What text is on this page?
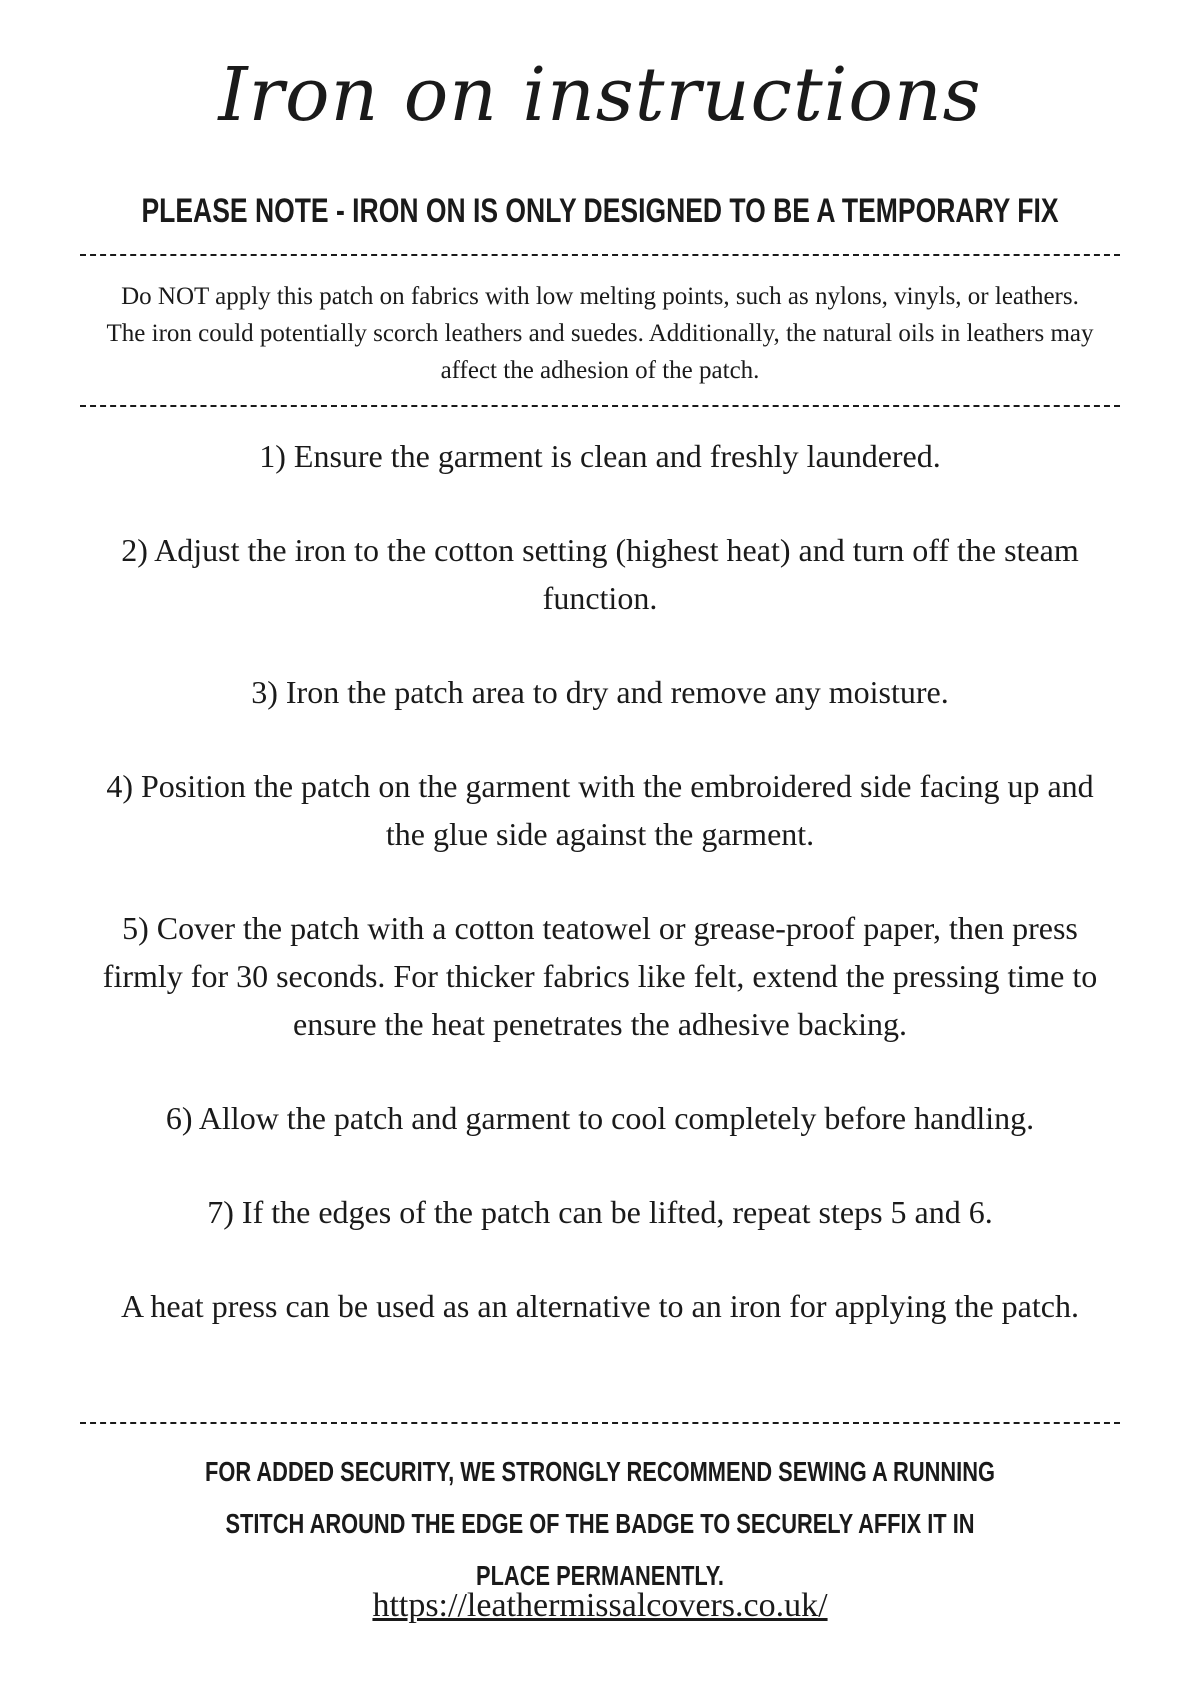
Iron on instructions
PLEASE NOTE - IRON ON IS ONLY DESIGNED TO BE A TEMPORARY FIX

Do NOT apply this patch on fabrics with low melting points, such as nylons, vinyls, or leathers. The iron could potentially scorch leathers and suedes. Additionally, the natural oils in leathers may affect the adhesion of the patch.

1) Ensure the garment is clean and freshly laundered.
2) Adjust the iron to the cotton setting (highest heat) and turn off the steam function.
3) Iron the patch area to dry and remove any moisture.
4) Position the patch on the garment with the embroidered side facing up and the glue side against the garment.
5) Cover the patch with a cotton teatowel or grease-proof paper, then press firmly for 30 seconds. For thicker fabrics like felt, extend the pressing time to ensure the heat penetrates the adhesive backing.
6) Allow the patch and garment to cool completely before handling.
7) If the edges of the patch can be lifted, repeat steps 5 and 6.
A heat press can be used as an alternative to an iron for applying the patch.

FOR ADDED SECURITY, WE STRONGLY RECOMMEND SEWING A RUNNING STITCH AROUND THE EDGE OF THE BADGE TO SECURELY AFFIX IT IN PLACE PERMANENTLY.

https://leathermissalcovers.co.uk/
